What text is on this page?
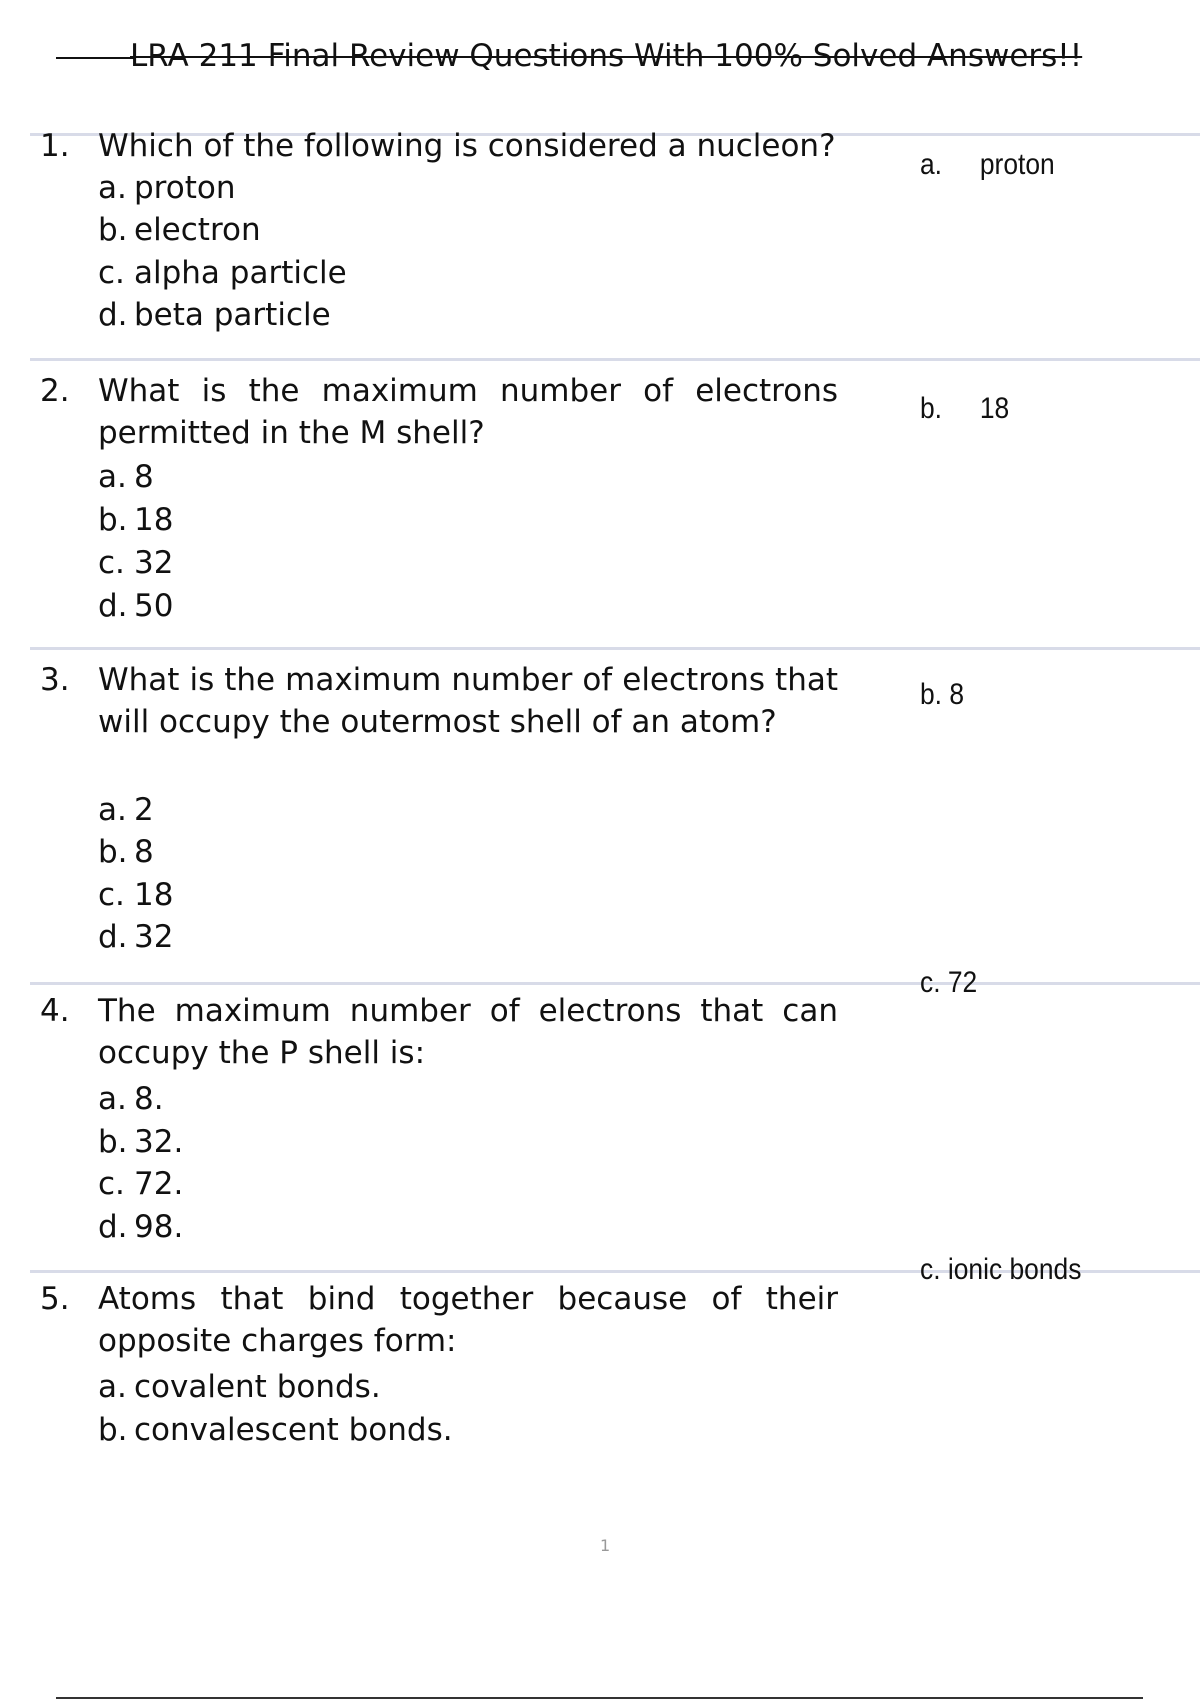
LRA 211 Final Review Questions With 100% Solved Answers!!
1. Which of the following is considered a nucleon?

a. proton
b. electron
c. alpha particle
d. beta particle
a. proton
2. What is the maximum number of electrons permitted in the M shell?

a. 8
b. 18
c. 32
d. 50
b. 18
3. What is the maximum number of electrons that will occupy the outermost shell of an atom?

a. 2
b. 8
c. 18
d. 32
b. 8
4. The maximum number of electrons that can occupy the P shell is:

a. 8.
b. 32.
c. 72.
d. 98.
c. 72
5. Atoms that bind together because of their opposite charges form:

a. covalent bonds.
b. convalescent bonds.
c. ionic bonds
1
